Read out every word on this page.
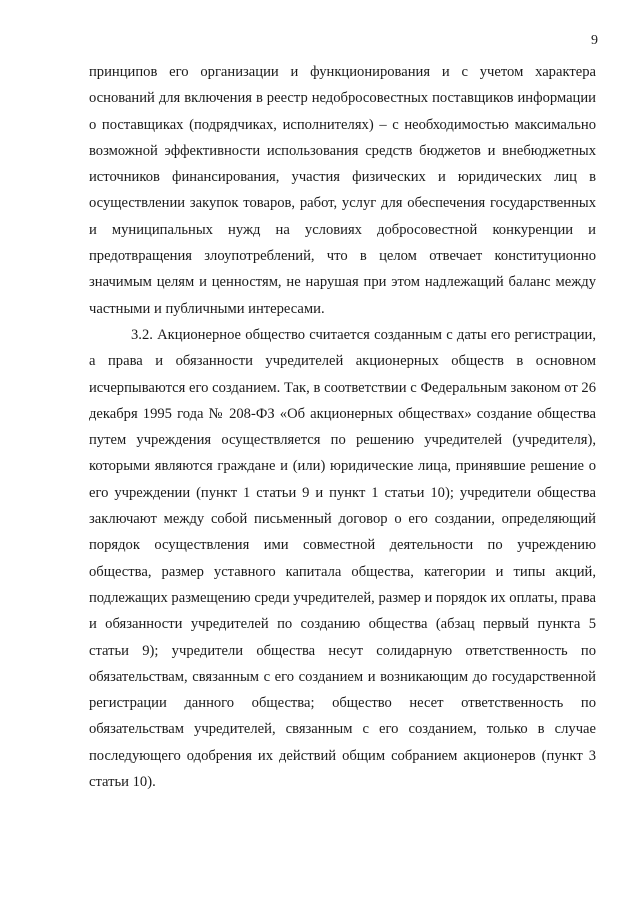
9

принципов его организации и функционирования и с учетом характера оснований для включения в реестр недобросовестных поставщиков информации о поставщиках (подрядчиках, исполнителях) – с необходимостью максимально возможной эффективности использования средств бюджетов и внебюджетных источников финансирования, участия физических и юридических лиц в осуществлении закупок товаров, работ, услуг для обеспечения государственных и муниципальных нужд на условиях добросовестной конкуренции и предотвращения злоупотреблений, что в целом отвечает конституционно значимым целям и ценностям, не нарушая при этом надлежащий баланс между частными и публичными интересами.

3.2. Акционерное общество считается созданным с даты его регистрации, а права и обязанности учредителей акционерных обществ в основном исчерпываются его созданием. Так, в соответствии с Федеральным законом от 26 декабря 1995 года № 208-ФЗ «Об акционерных обществах» создание общества путем учреждения осуществляется по решению учредителей (учредителя), которыми являются граждане и (или) юридические лица, принявшие решение о его учреждении (пункт 1 статьи 9 и пункт 1 статьи 10); учредители общества заключают между собой письменный договор о его создании, определяющий порядок осуществления ими совместной деятельности по учреждению общества, размер уставного капитала общества, категории и типы акций, подлежащих размещению среди учредителей, размер и порядок их оплаты, права и обязанности учредителей по созданию общества (абзац первый пункта 5 статьи 9); учредители общества несут солидарную ответственность по обязательствам, связанным с его созданием и возникающим до государственной регистрации данного общества; общество несет ответственность по обязательствам учредителей, связанным с его созданием, только в случае последующего одобрения их действий общим собранием акционеров (пункт 3 статьи 10).
